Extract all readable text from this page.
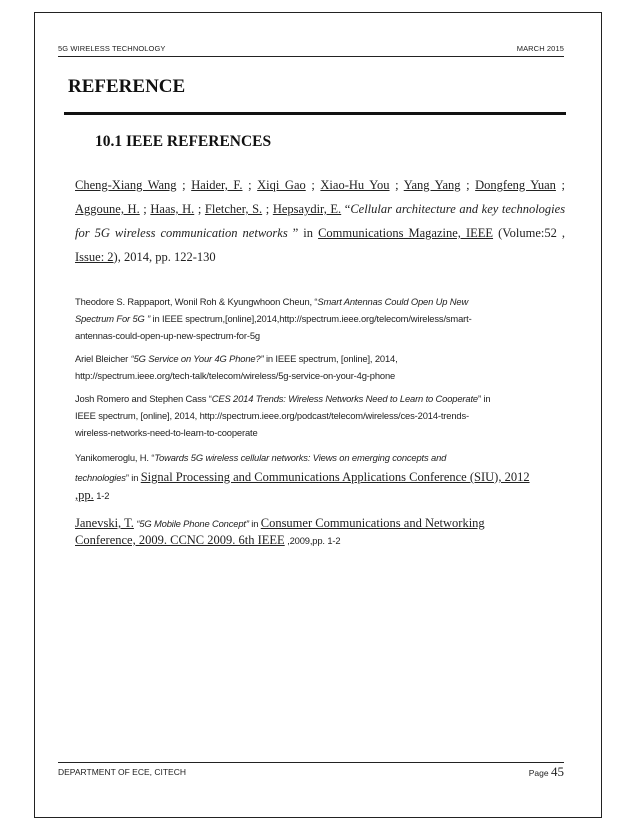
5G WIRELESS TECHNOLOGY	MARCH 2015
REFERENCE
10.1 IEEE REFERENCES
Cheng-Xiang Wang ; Haider, F. ; Xiqi Gao ; Xiao-Hu You ; Yang Yang ; Dongfeng Yuan ;
Aggoune, H. ; Haas, H. ; Fletcher, S. ; Hepsaydir, E. “Cellular architecture and key technologies
for 5G wireless communication networks ” in Communications Magazine, IEEE (Volume:52 ,
Issue: 2), 2014, pp. 122-130
Theodore S. Rappaport, Wonil Roh & Kyungwhoon Cheun, “Smart Antennas Could Open Up New
Spectrum For 5G ” in IEEE spectrum,[online],2014,http://spectrum.ieee.org/telecom/wireless/smart-
antennas-could-open-up-new-spectrum-for-5g
Ariel Bleicher “5G Service on Your 4G Phone?” in IEEE spectrum, [online], 2014,
http://spectrum.ieee.org/tech-talk/telecom/wireless/5g-service-on-your-4g-phone
Josh Romero and Stephen Cass “CES 2014 Trends: Wireless Networks Need to Learn to Cooperate” in
IEEE spectrum, [online], 2014, http://spectrum.ieee.org/podcast/telecom/wireless/ces-2014-trends-
wireless-networks-need-to-learn-to-cooperate
Yanikomeroglu, H. “Towards 5G wireless cellular networks: Views on emerging concepts and
technologies” in Signal Processing and Communications Applications Conference (SIU), 2012
,pp. 1-2
Janevski, T. “5G Mobile Phone Concept” in Consumer Communications and Networking
Conference, 2009. CCNC 2009. 6th IEEE ,2009,pp. 1-2
DEPARTMENT OF ECE, CITECH	Page 45
